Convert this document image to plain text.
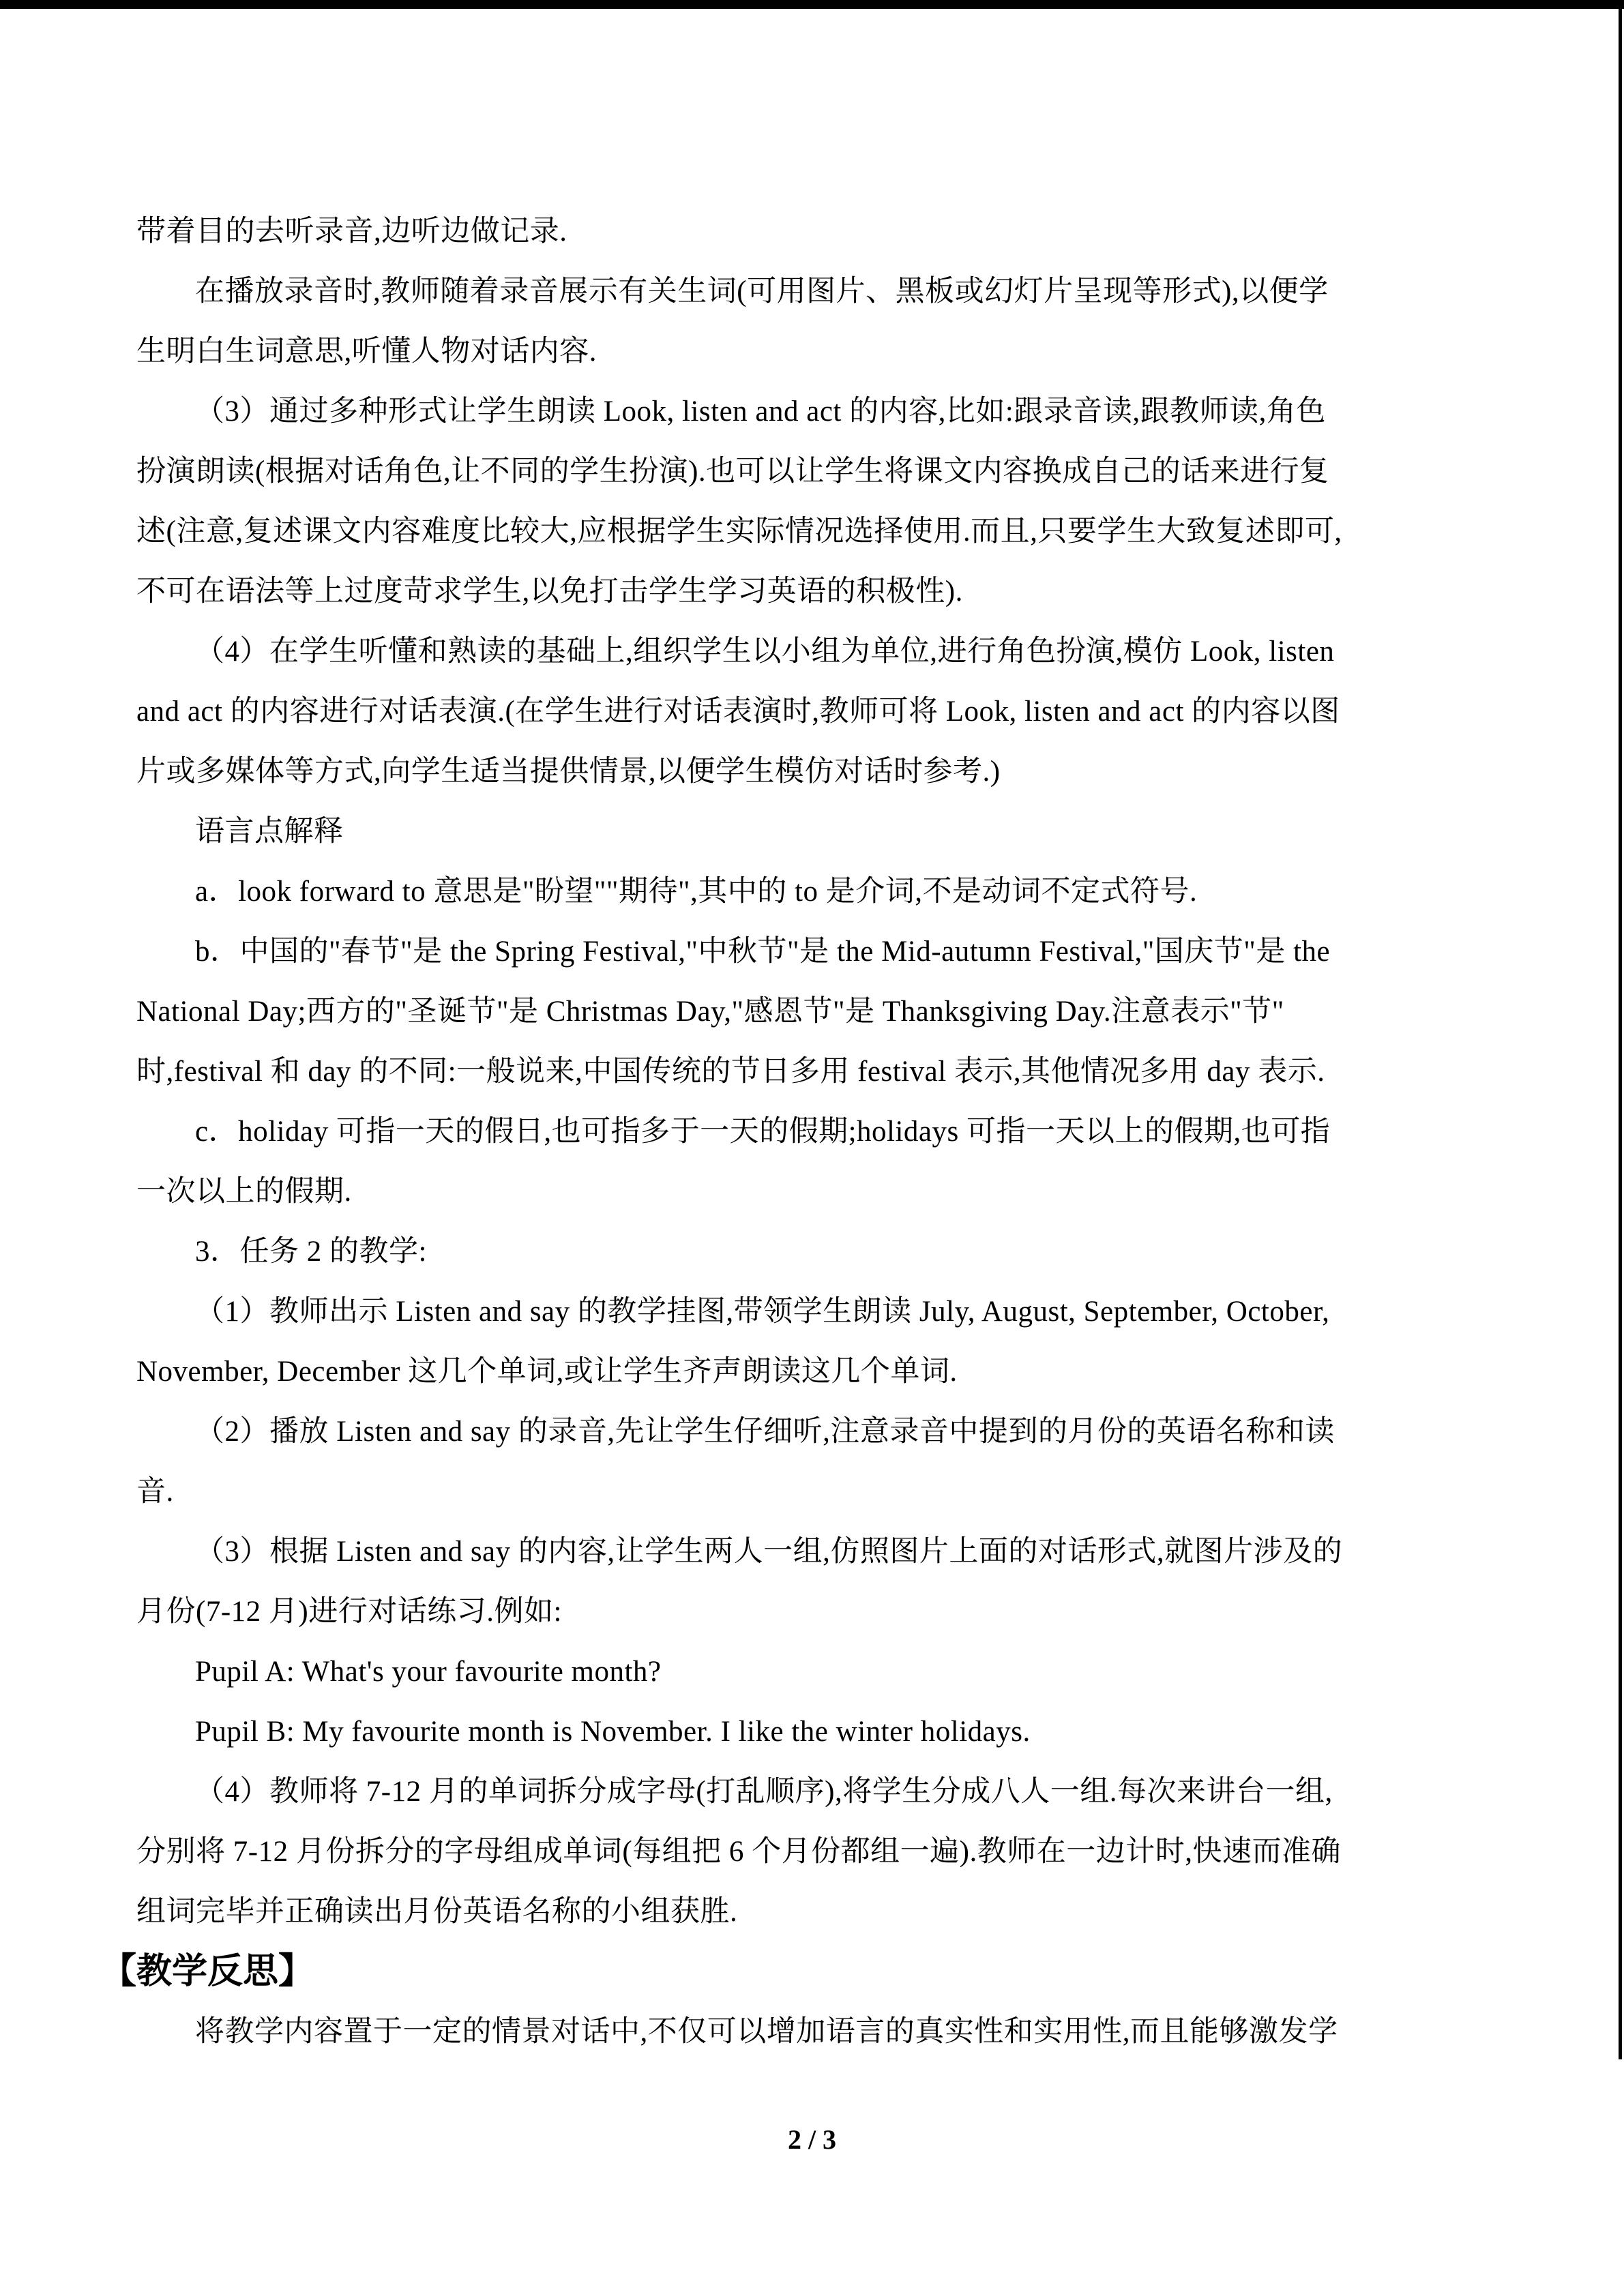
带着目的去听录音,边听边做记录.
在播放录音时,教师随着录音展示有关生词(可用图片、黑板或幻灯片呈现等形式),以便学
生明白生词意思,听懂人物对话内容.
（3）通过多种形式让学生朗读 Look, listen and act 的内容,比如:跟录音读,跟教师读,角色
扮演朗读(根据对话角色,让不同的学生扮演).也可以让学生将课文内容换成自己的话来进行复
述(注意,复述课文内容难度比较大,应根据学生实际情况选择使用.而且,只要学生大致复述即可,
不可在语法等上过度苛求学生,以免打击学生学习英语的积极性).
（4）在学生听懂和熟读的基础上,组织学生以小组为单位,进行角色扮演,模仿 Look, listen
and act 的内容进行对话表演.(在学生进行对话表演时,教师可将 Look, listen and act 的内容以图
片或多媒体等方式,向学生适当提供情景,以便学生模仿对话时参考.)
语言点解释
a．look forward to 意思是"盼望""期待",其中的 to 是介词,不是动词不定式符号.
b．中国的"春节"是 the Spring Festival,"中秋节"是 the Mid-autumn Festival,"国庆节"是 the
National Day;西方的"圣诞节"是 Christmas Day,"感恩节"是 Thanksgiving Day.注意表示"节"
时,festival 和 day 的不同:一般说来,中国传统的节日多用 festival 表示,其他情况多用 day 表示.
c．holiday 可指一天的假日,也可指多于一天的假期;holidays 可指一天以上的假期,也可指
一次以上的假期.
3．任务 2 的教学:
（1）教师出示 Listen and say 的教学挂图,带领学生朗读 July, August, September, October,
November, December 这几个单词,或让学生齐声朗读这几个单词.
（2）播放 Listen and say 的录音,先让学生仔细听,注意录音中提到的月份的英语名称和读
音.
（3）根据 Listen and say 的内容,让学生两人一组,仿照图片上面的对话形式,就图片涉及的
月份(7-12 月)进行对话练习.例如:
Pupil A: What's your favourite month?
Pupil B: My favourite month is November. I like the winter holidays.
（4）教师将 7-12 月的单词拆分成字母(打乱顺序),将学生分成八人一组.每次来讲台一组,
分别将 7-12 月份拆分的字母组成单词(每组把 6 个月份都组一遍).教师在一边计时,快速而准确
组词完毕并正确读出月份英语名称的小组获胜.
【教学反思】
将教学内容置于一定的情景对话中,不仅可以增加语言的真实性和实用性,而且能够激发学
2 / 3
